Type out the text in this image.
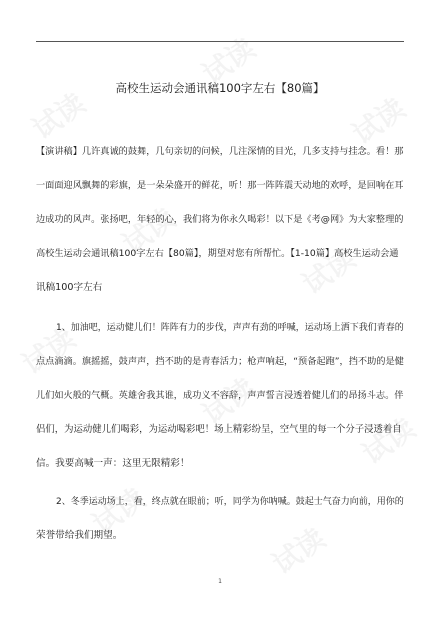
高校生运动会通讯稿100字左右【80篇】
【演讲稿】几许真诚的鼓舞，几句亲切的问候，几注深情的目光，几多支持与挂念。看！那
一面面迎风飘舞的彩旗，是一朵朵盛开的鲜花，听！那一阵阵震天动地的欢呼，是回响在耳
边成功的风声。张扬吧，年轻的心，我们将为你永久喝彩！以下是《考@网》为大家整理的
高校生运动会通讯稿100字左右【80篇】，期望对您有所帮忙。【1-10篇】高校生运动会通
讯稿100字左右
1、加油吧，运动健儿们！阵阵有力的步伐，声声有劲的呼喊，运动场上洒下我们青春的
点点滴滴。旗摇摇，鼓声声，挡不助的是青春活力；枪声响起，“预备起跑”，挡不助的是健
儿们如火般的气概。英雄舍我其谁，成功义不容辞，声声誓言浸透着健儿们的昂扬斗志。伴
侣们，为运动健儿们喝彩，为运动喝彩吧！场上精彩纷呈，空气里的每一个分子浸透着自
信。我要高喊一声：这里无限精彩！
2、冬季运动场上，看，终点就在眼前；听，同学为你呐喊。鼓起士气奋力向前，用你的
荣誉带给我们期望。
1
